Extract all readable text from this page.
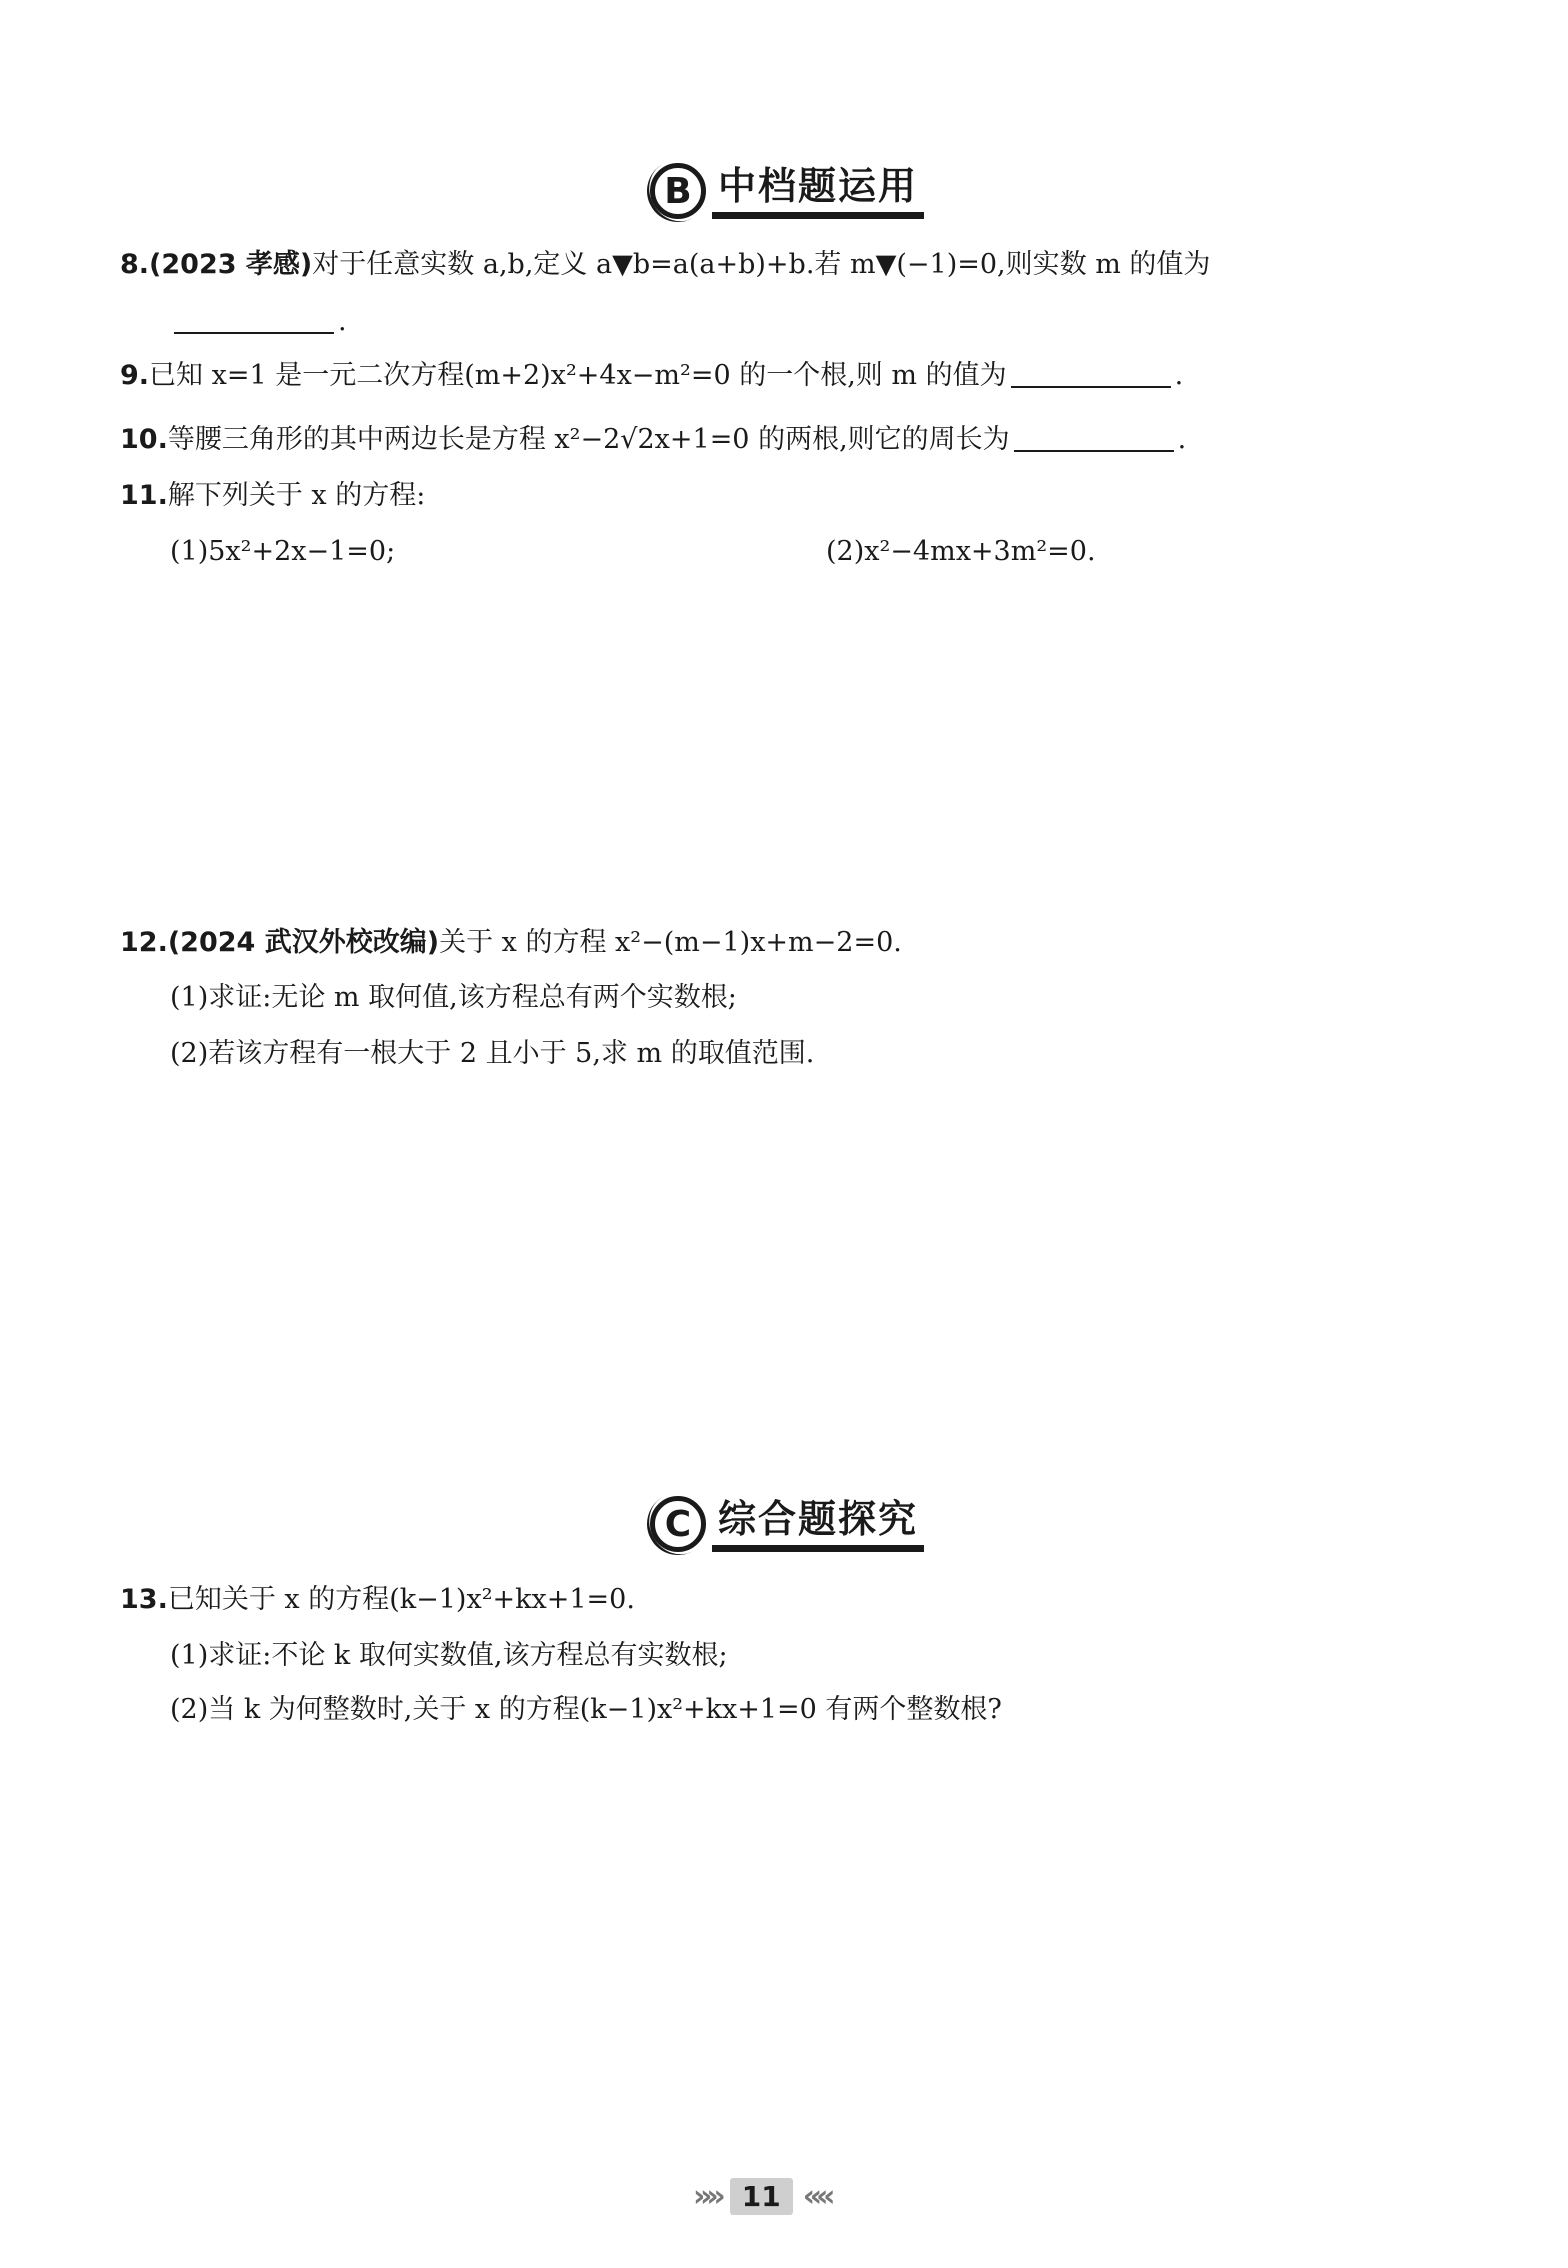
B 中档题运用
8.(2023 孝感)对于任意实数 a,b,定义 a▼b=a(a+b)+b.若 m▼(−1)=0,则实数 m 的值为
.
9.已知 x=1 是一元二次方程(m+2)x²+4x−m²=0 的一个根,则 m 的值为	.
10.等腰三角形的其中两边长是方程 x²−2√2x+1=0 的两根,则它的周长为	.
11.解下列关于 x 的方程:
(1)5x²+2x−1=0;	(2)x²−4mx+3m²=0.
12.(2024 武汉外校改编)关于 x 的方程 x²−(m−1)x+m−2=0.
(1)求证:无论 m 取何值,该方程总有两个实数根;
(2)若该方程有一根大于 2 且小于 5,求 m 的取值范围.
C 综合题探究
13.已知关于 x 的方程(k−1)x²+kx+1=0.
(1)求证:不论 k 取何实数值,该方程总有实数根;
(2)当 k 为何整数时,关于 x 的方程(k−1)x²+kx+1=0 有两个整数根?
»» 11 ««
